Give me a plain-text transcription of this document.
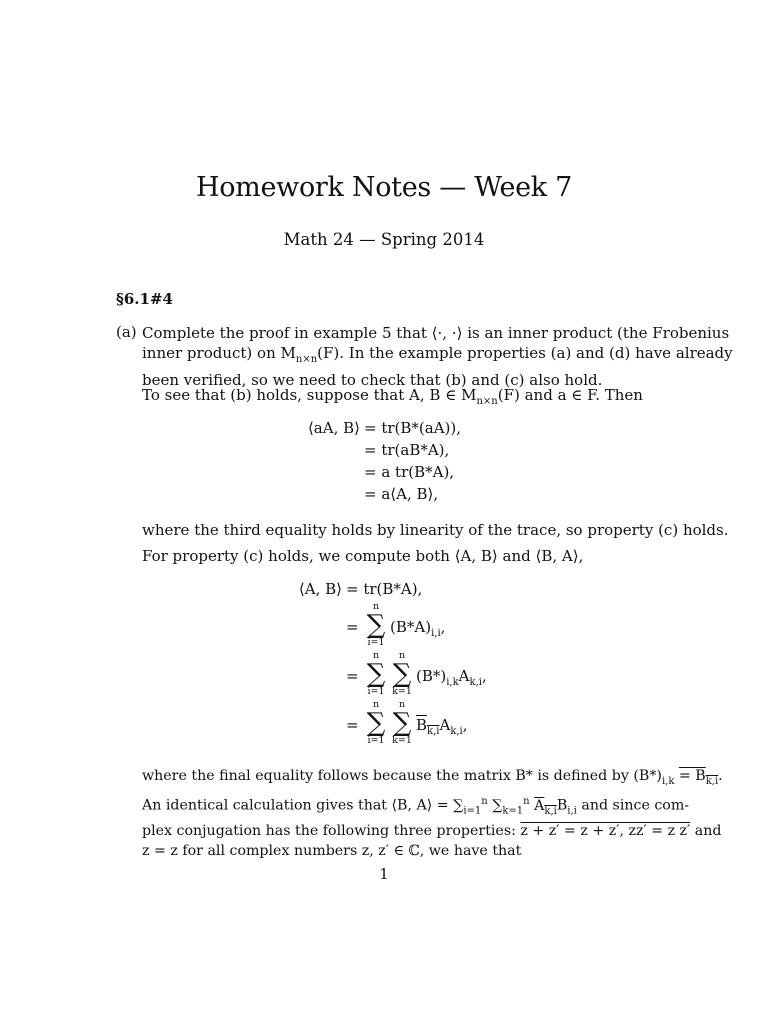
Homework Notes — Week 7
Math 24 — Spring 2014
§6.1#4
(a) Complete the proof in example 5 that ⟨·, ·⟩ is an inner product (the Frobenius
inner product) on $M_{n\times n}(F)$. In the example properties (a) and (d) have already
been verified, so we need to check that (b) and (c) also hold.
To see that (b) holds, suppose that A, B ∈ $M_{n\times n}(F)$ and a ∈ F. Then
⟨aA, B⟩ = tr(B*(aA)),
= tr(aB*A),
= a tr(B*A),
= a⟨A, B⟩,
where the third equality holds by linearity of the trace, so property (c) holds.
For property (c) holds, we compute both ⟨A, B⟩ and ⟨B, A⟩,
⟨A, B⟩ = tr(B*A),
=
n
∑
i=1
$(B*A)_{i,i}$,
=
n
∑
i=1
n
∑
k=1
$(B*)_{i,k}A_{k,i}$,
=
n
∑
i=1
n
∑
k=1
$B_{k,i}A_{k,i}$,
where the final equality follows because the matrix B* is defined by $(B*)_{i,k} = B_{k,i}$.
An identical calculation gives that ⟨B, A⟩ = $\sum_{i=1}^n$ $\sum_{k=1}^n$ $A_{k,i}B_{i,i}$ and since com-
plex conjugation has the following three properties: z + z′ = z + z′, zz′ = z z′ and
z = z for all complex numbers z, z′ ∈ ℂ, we have that
1
